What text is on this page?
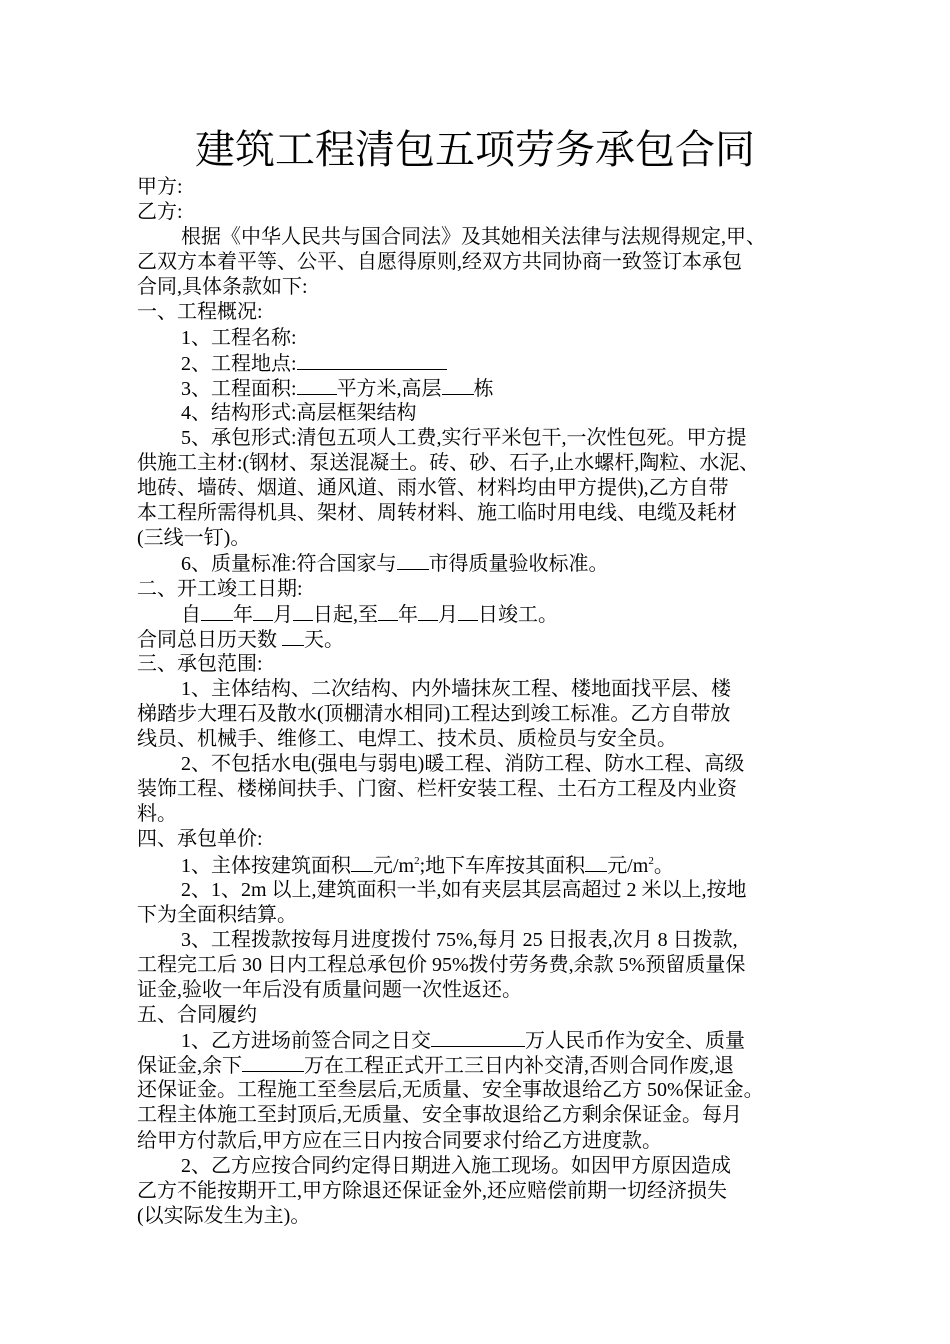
建筑工程清包五项劳务承包合同
甲方:
乙方:
根据《中华人民共与国合同法》及其她相关法律与法规得规定,甲、
乙双方本着平等、公平、自愿得原则,经双方共同协商一致签订本承包
合同,具体条款如下:
一、工程概况:
1、工程名称:
2、工程地点:
3、工程面积: 平方米,高层 栋
4、结构形式:高层框架结构
5、承包形式:清包五项人工费,实行平米包干,一次性包死。甲方提
供施工主材:(钢材、泵送混凝土。砖、砂、石子,止水螺杆,陶粒、水泥、
地砖、墙砖、烟道、通风道、雨水管、材料均由甲方提供),乙方自带
本工程所需得机具、架材、周转材料、施工临时用电线、电缆及耗材
(三线一钉)。
6、质量标准:符合国家与 市得质量验收标准。
二、开工竣工日期:
自 年 月 日起,至 年 月 日竣工。
合同总日历天数 天。
三、承包范围:
1、主体结构、二次结构、内外墙抹灰工程、楼地面找平层、楼
梯踏步大理石及散水(顶棚清水相同)工程达到竣工标准。乙方自带放
线员、机械手、维修工、电焊工、技术员、质检员与安全员。
2、不包括水电(强电与弱电)暖工程、消防工程、防水工程、高级
装饰工程、楼梯间扶手、门窗、栏杆安装工程、土石方工程及内业资
料。
四、承包单价:
1、主体按建筑面积 元$/m^2$;地下车库按其面积 元$/m^2$。
2、1、2m 以上,建筑面积一半,如有夹层其层高超过 2 米以上,按地
下为全面积结算。
3、工程拨款按每月进度拨付 75%,每月 25 日报表,次月 8 日拨款,
工程完工后 30 日内工程总承包价 95%拨付劳务费,余款 5%预留质量保
证金,验收一年后没有质量问题一次性返还。
五、合同履约
1、乙方进场前签合同之日交	万人民币作为安全、质量
保证金,余下	万在工程正式开工三日内补交清,否则合同作废,退
还保证金。工程施工至叁层后,无质量、安全事故退给乙方 50%保证金。
工程主体施工至封顶后,无质量、安全事故退给乙方剩余保证金。每月
给甲方付款后,甲方应在三日内按合同要求付给乙方进度款。
2、乙方应按合同约定得日期进入施工现场。如因甲方原因造成
乙方不能按期开工,甲方除退还保证金外,还应赔偿前期一切经济损失
(以实际发生为主)。
